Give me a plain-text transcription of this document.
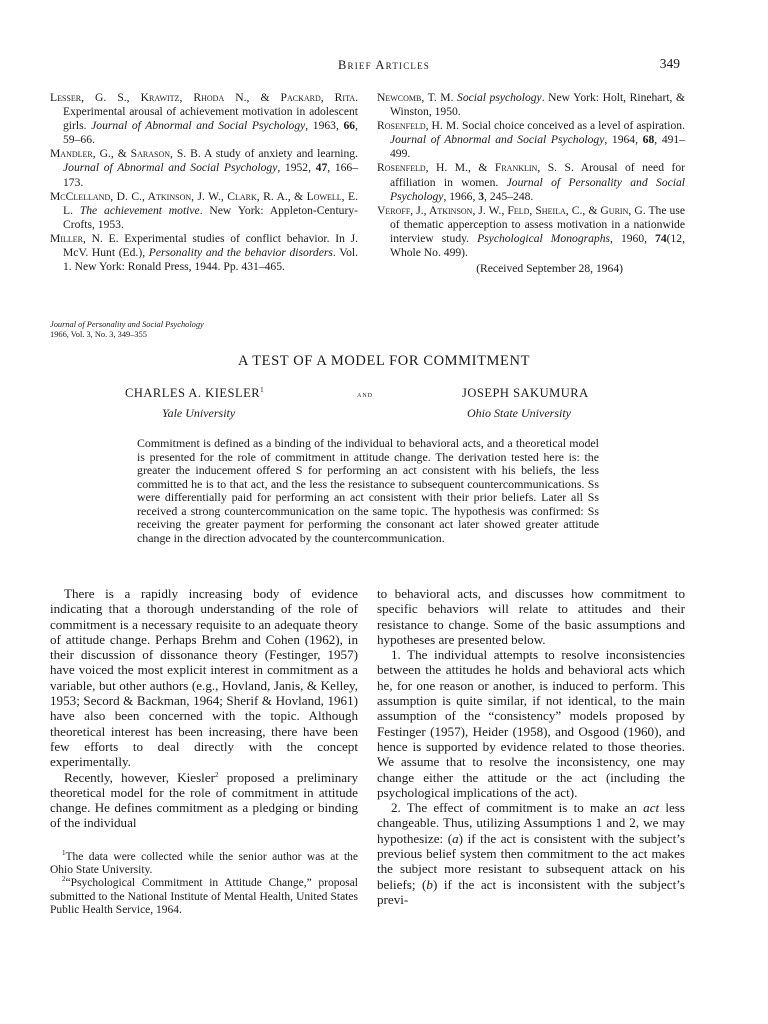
Brief Articles	349

Lesser, G. S., Krawitz, Rhoda N., & Packard, Rita. Experimental arousal of achievement motivation in adolescent girls. Journal of Abnormal and Social Psychology, 1963, 66, 59–66.

Mandler, G., & Sarason, S. B. A study of anxiety and learning. Journal of Abnormal and Social Psychology, 1952, 47, 166–173.

McClelland, D. C., Atkinson, J. W., Clark, R. A., & Lowell, E. L. The achievement motive. New York: Appleton-Century-Crofts, 1953.

Miller, N. E. Experimental studies of conflict behavior. In J. McV. Hunt (Ed.), Personality and the behavior disorders. Vol. 1. New York: Ronald Press, 1944. Pp. 431–465.

Newcomb, T. M. Social psychology. New York: Holt, Rinehart, & Winston, 1950.

Rosenfeld, H. M. Social choice conceived as a level of aspiration. Journal of Abnormal and Social Psychology, 1964, 68, 491–499.

Rosenfeld, H. M., & Franklin, S. S. Arousal of need for affiliation in women. Journal of Personality and Social Psychology, 1966, 3, 245–248.

Veroff, J., Atkinson, J. W., Feld, Sheila, C., & Gurin, G. The use of thematic apperception to assess motivation in a nationwide interview study. Psychological Monographs, 1960, 74(12, Whole No. 499).

(Received September 28, 1964)
Journal of Personality and Social Psychology
1966, Vol. 3, No. 3, 349–355
A TEST OF A MODEL FOR COMMITMENT
CHARLES A. KIESLER$^1$	and	JOSEPH SAKUMURA
Yale University	Ohio State University
Commitment is defined as a binding of the individual to behavioral acts, and a theoretical model is presented for the role of commitment in attitude change. The derivation tested here is: the greater the inducement offered S for performing an act consistent with his beliefs, the less committed he is to that act, and the less the resistance to subsequent countercommunications. Ss were differentially paid for performing an act consistent with their prior beliefs. Later all Ss received a strong countercommunication on the same topic. The hypothesis was confirmed: Ss receiving the greater payment for performing the consonant act later showed greater attitude change in the direction advocated by the countercommunication.

There is a rapidly increasing body of evidence indicating that a thorough understanding of the role of commitment is a necessary requisite to an adequate theory of attitude change. Perhaps Brehm and Cohen (1962), in their discussion of dissonance theory (Festinger, 1957) have voiced the most explicit interest in commitment as a variable, but other authors (e.g., Hovland, Janis, & Kelley, 1953; Secord & Backman, 1964; Sherif & Hovland, 1961) have also been concerned with the topic. Although theoretical interest has been increasing, there have been few efforts to deal directly with the concept experimentally.

Recently, however, Kiesler$^2$ proposed a preliminary theoretical model for the role of commitment in attitude change. He defines commitment as a pledging or binding of the individual

$^1$The data were collected while the senior author was at the Ohio State University.

$^2$“Psychological Commitment in Attitude Change,” proposal submitted to the National Institute of Mental Health, United States Public Health Service, 1964.

to behavioral acts, and discusses how commitment to specific behaviors will relate to attitudes and their resistance to change. Some of the basic assumptions and hypotheses are presented below.

1. The individual attempts to resolve inconsistencies between the attitudes he holds and behavioral acts which he, for one reason or another, is induced to perform. This assumption is quite similar, if not identical, to the main assumption of the “consistency” models proposed by Festinger (1957), Heider (1958), and Osgood (1960), and hence is supported by evidence related to those theories. We assume that to resolve the inconsistency, one may change either the attitude or the act (including the psychological implications of the act).

2. The effect of commitment is to make an act less changeable. Thus, utilizing Assumptions 1 and 2, we may hypothesize: (a) if the act is consistent with the subject’s previous belief system then commitment to the act makes the subject more resistant to subsequent attack on his beliefs; (b) if the act is inconsistent with the subject’s previ-
